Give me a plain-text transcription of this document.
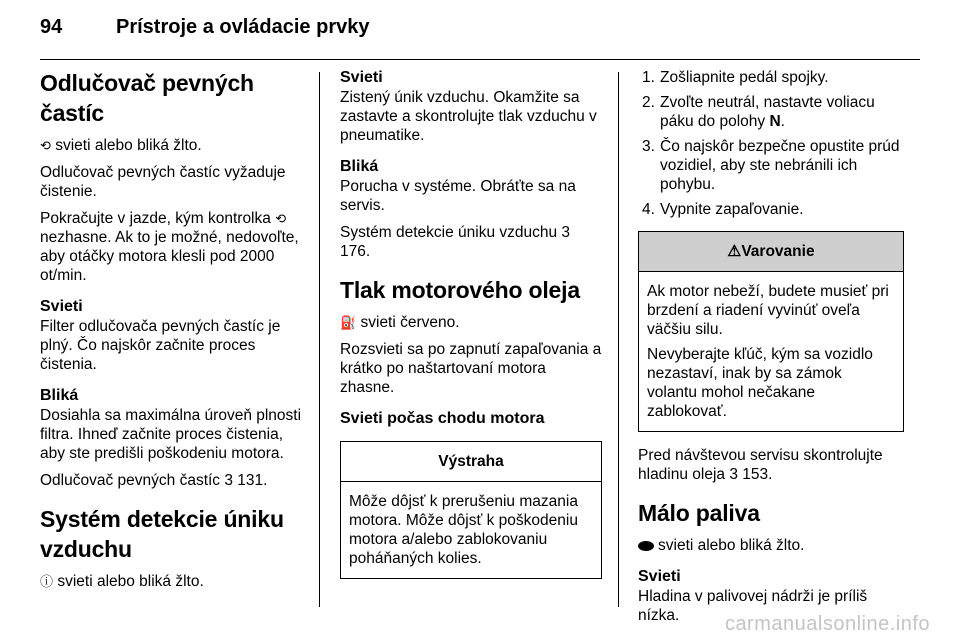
94	Prístroje a ovládacie prvky
Odlučovač pevných častíc

⟲ svieti alebo bliká žlto.

Odlučovač pevných častíc vyžaduje čistenie.

Pokračujte v jazde, kým kontrolka ⟲ nezhasne. Ak to je možné, nedovoľte, aby otáčky motora klesli pod 2000 ot/min.

Svieti

Filter odlučovača pevných častíc je plný. Čo najskôr začnite proces čistenia.

Bliká

Dosiahla sa maximálna úroveň plnosti filtra. Ihneď začnite proces čistenia, aby ste predišli poškodeniu motora.

Odlučovač pevných častíc 3 131.

Systém detekcie úniku vzduchu

ⓘ svieti alebo bliká žlto.

Svieti

Zistený únik vzduchu. Okamžite sa zastavte a skontrolujte tlak vzduchu v pneumatike.

Bliká

Porucha v systéme. Obráťte sa na servis.

Systém detekcie úniku vzduchu 3 176.

Tlak motorového oleja

⛽ svieti červeno.

Rozsvieti sa po zapnutí zapaľovania a krátko po naštartovaní motora zhasne.

Svieti počas chodu motora
Výstraha

Môže dôjsť k prerušeniu mazania motora. Môže dôjsť k poškodeniu motora a/alebo zablokovaniu poháňaných kolies.

1. Zošliapnite pedál spojky.
2. Zvoľte neutrál, nastavte voliacu páku do polohy N.
3. Čo najskôr bezpečne opustite prúd vozidiel, aby ste nebránili ich pohybu.
4. Vypnite zapaľovanie.
⚠Varovanie

Ak motor nebeží, budete musieť pri brzdení a riadení vyvinúť oveľa väčšiu silu.

Nevyberajte kľúč, kým sa vozidlo nezastaví, inak by sa zámok volantu mohol nečakane zablokovať.

Pred návštevou servisu skontrolujte hladinu oleja 3 153.

Málo paliva

svieti alebo bliká žlto.

Svieti

Hladina v palivovej nádrži je príliš nízka.	carmanualsonline.info
